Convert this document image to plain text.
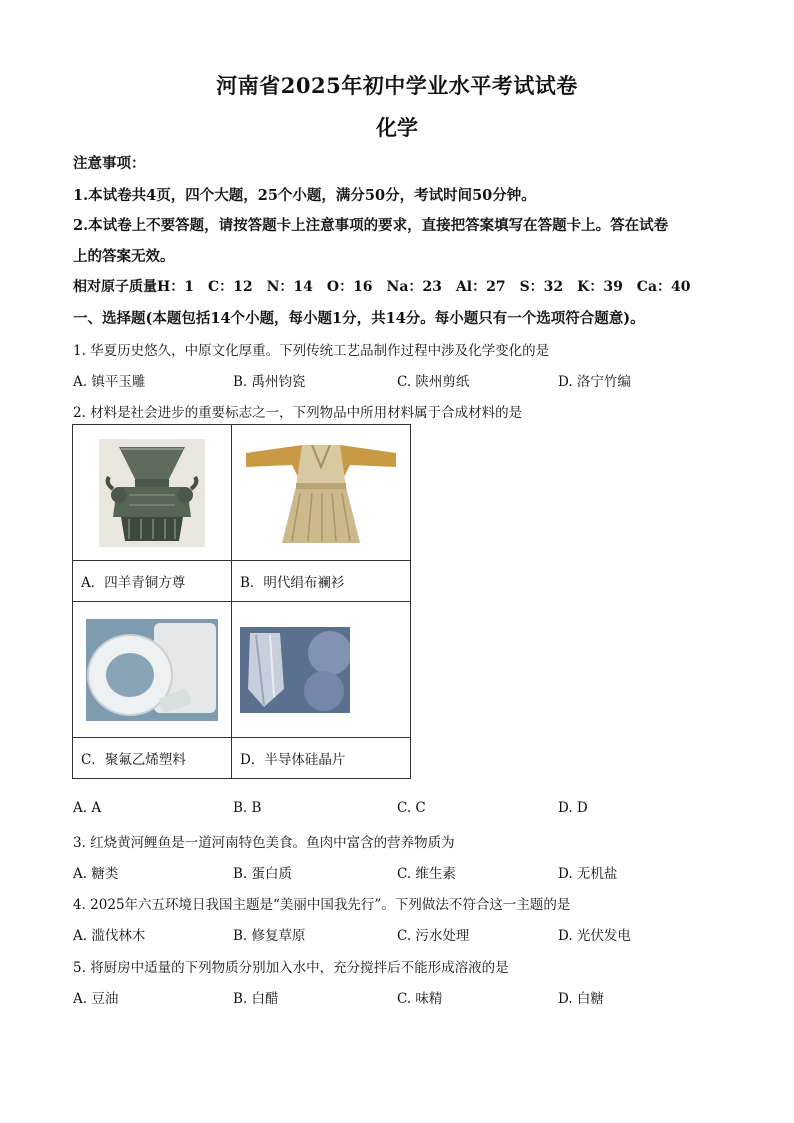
河南省2025年初中学业水平考试试卷
化学
注意事项：
1.本试卷共4页，四个大题，25个小题，满分50分，考试时间50分钟。
2.本试卷上不要答题，请按答题卡上注意事项的要求，直接把答案填写在答题卡上。答在试卷
上的答案无效。
相对原子质量H：1　C：12　N：14　O：16　Na：23　Al：27　S：32　K：39　Ca：40
一、选择题(本题包括14个小题，每小题1分，共14分。每小题只有一个选项符合题意)。
1. 华夏历史悠久，中原文化厚重。下列传统工艺品制作过程中涉及化学变化的是
A. 镇平玉雕	B. 禹州钧瓷	C. 陕州剪纸	D. 洛宁竹编
2. 材料是社会进步的重要标志之一，下列物品中所用材料属于合成材料的是

A．四羊青铜方尊	B．明代绢布襕衫

C．聚氟乙烯塑料	D．半导体硅晶片
A. A	B. B	C. C	D. D
3. 红烧黄河鲤鱼是一道河南特色美食。鱼肉中富含的营养物质为
A. 糖类	B. 蛋白质	C. 维生素	D. 无机盐
4. 2025年六五环境日我国主题是“美丽中国我先行”。下列做法不符合这一主题的是
A. 滥伐林木	B. 修复草原	C. 污水处理	D. 光伏发电
5. 将厨房中适量的下列物质分别加入水中，充分搅拌后不能形成溶液的是
A. 豆油	B. 白醋	C. 味精	D. 白糖
